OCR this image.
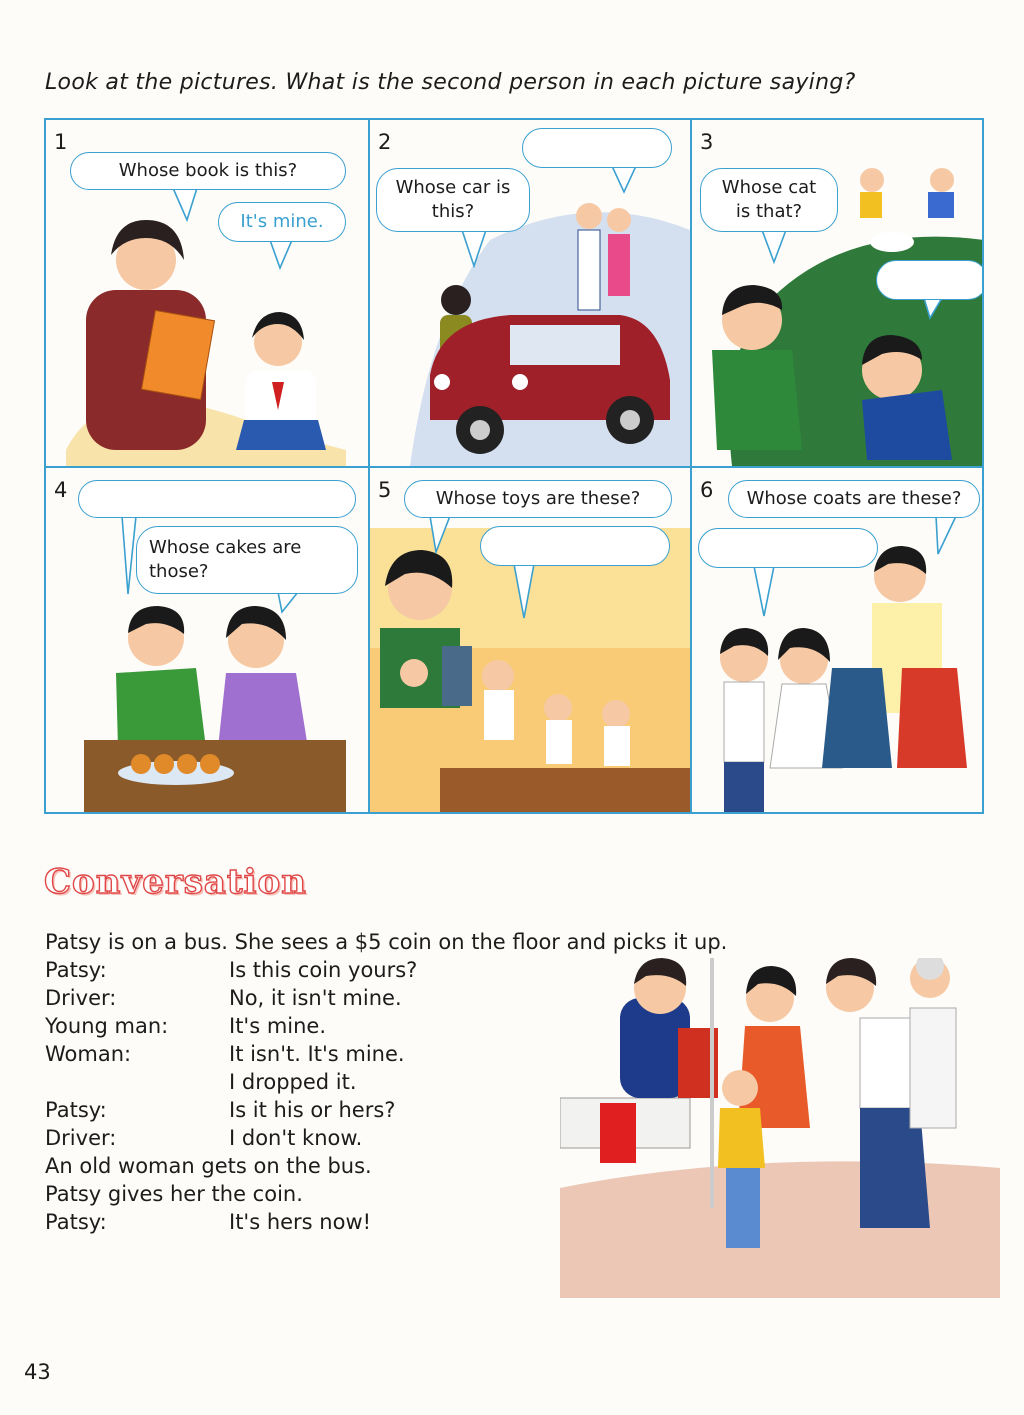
Look at the pictures. What is the second person in each picture saying?
1
Whose book is this?
It's mine.
2
Whose car is this?
3
Whose cat is that?
4
Whose cakes are those?
5	Whose toys are these?	6	Whose coats are these?
Conversation
Patsy is on a bus. She sees a $5 coin on the floor and picks it up.
Patsy:	Is this coin yours?
Driver:	No, it isn't mine.
Young man:	It's mine.
Woman:	It isn't. It's mine.
I dropped it.
Patsy:	Is it his or hers?
Driver:	I don't know.
An old woman gets on the bus.
Patsy gives her the coin.
Patsy:	It's hers now!
43
